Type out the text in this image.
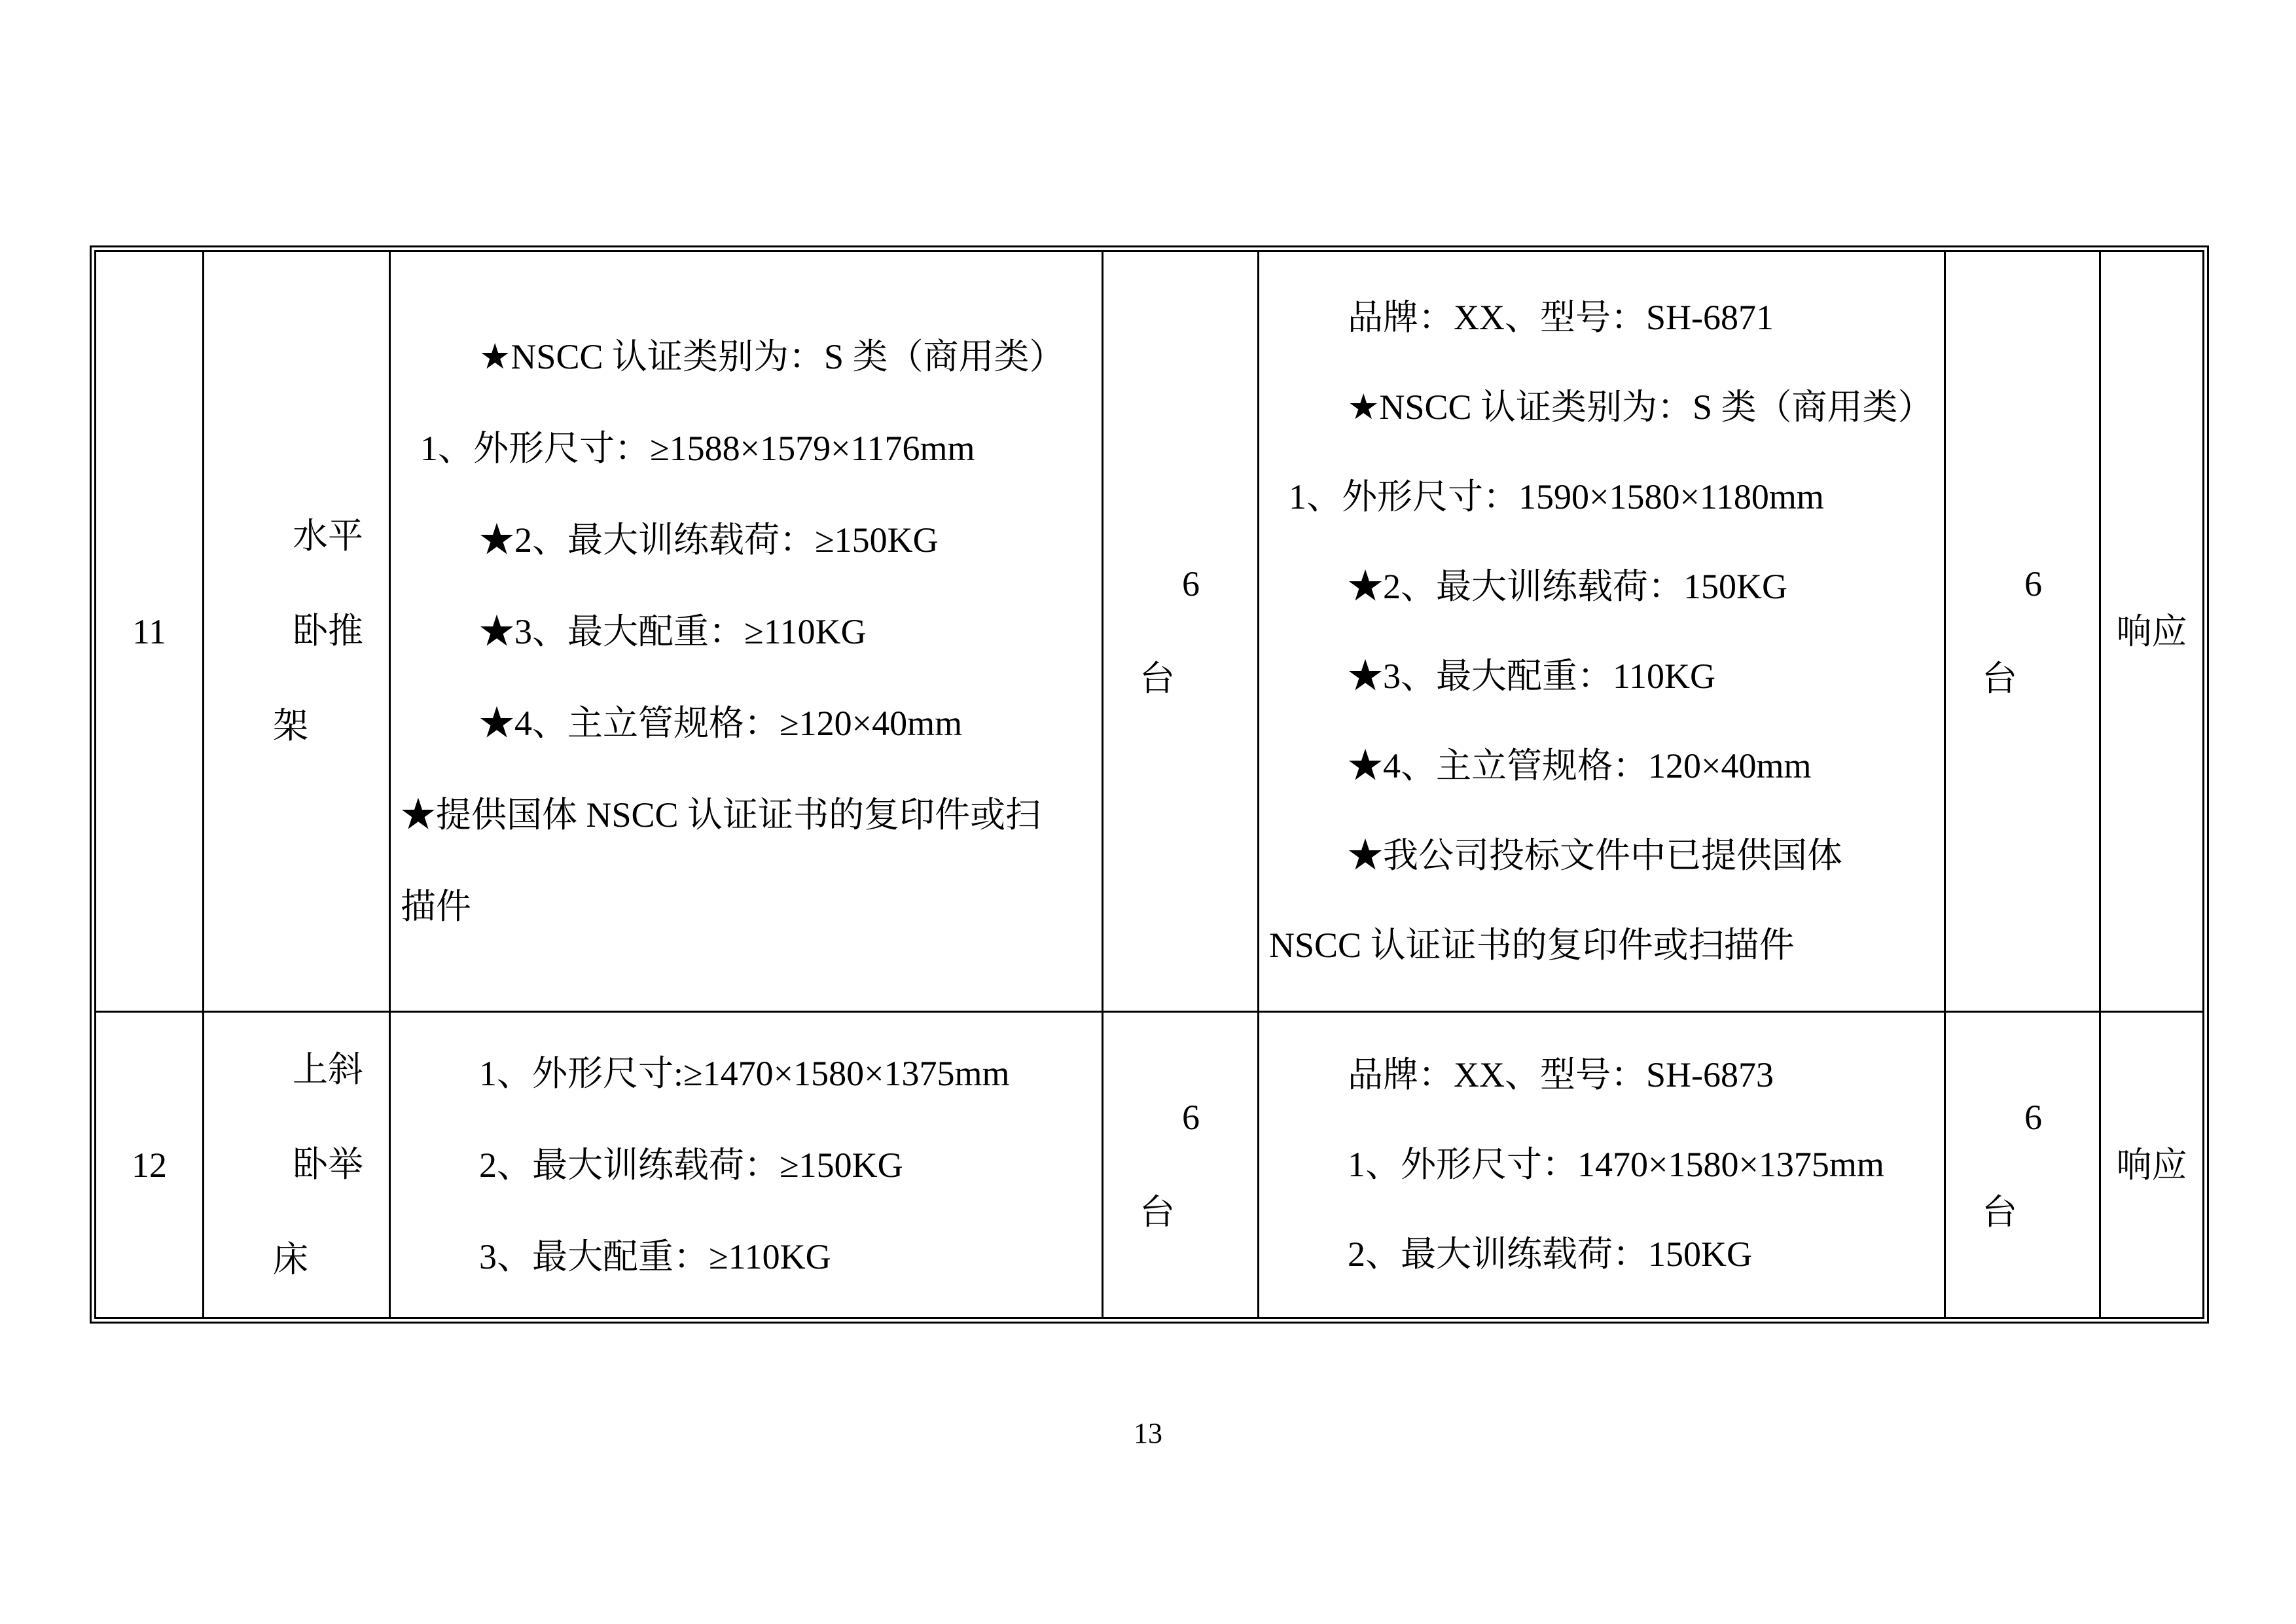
11
水平
卧推
架
★NSCC 认证类别为：S 类（商用类）
1、外形尺寸：≥1588×1579×1176mm
★2、最大训练载荷：≥150KG
★3、最大配重：≥110KG
★4、主立管规格：≥120×40mm
★提供国体 NSCC 认证证书的复印件或扫
描件
6
台
品牌：XX、型号：SH-6871
★NSCC 认证类别为：S 类（商用类）
1、外形尺寸：1590×1580×1180mm
★2、最大训练载荷：150KG
★3、最大配重：110KG
★4、主立管规格：120×40mm
★我公司投标文件中已提供国体
NSCC 认证证书的复印件或扫描件
6
台
响应
12
上斜
卧举
床
1、外形尺寸:≥1470×1580×1375mm
2、最大训练载荷：≥150KG
3、最大配重：≥110KG
6
台
品牌：XX、型号：SH-6873
1、外形尺寸：1470×1580×1375mm
2、最大训练载荷：150KG
6
台
响应
13
